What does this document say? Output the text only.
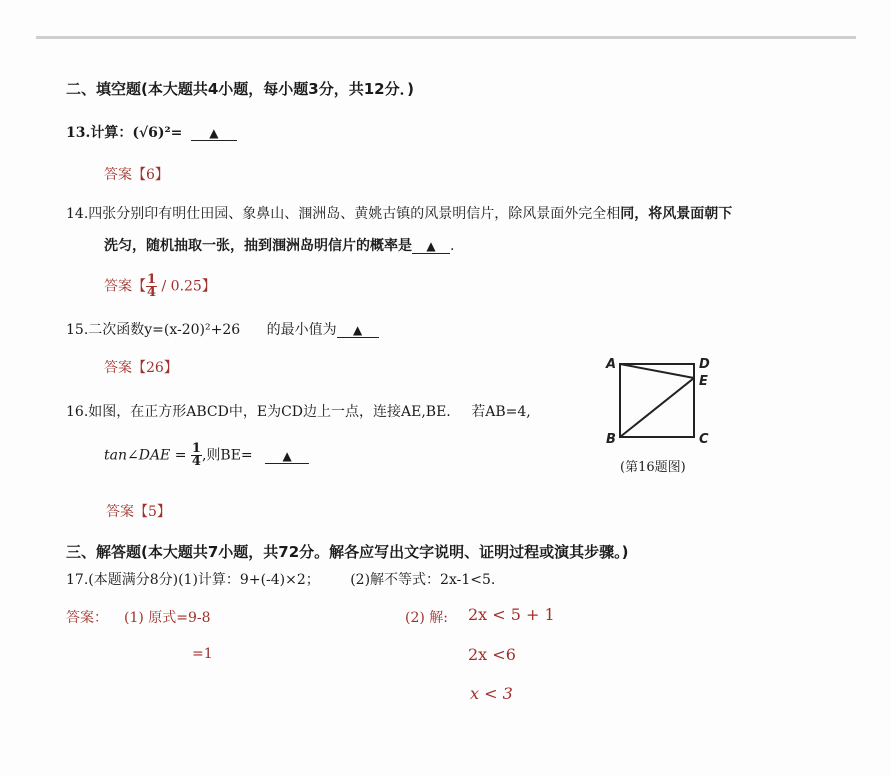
二、填空题(本大题共4小题，每小题3分，共12分．)
13.计算：(√6)²= ▲
答案【6】
14.四张分别印有明仕田园、象鼻山、涠洲岛、黄姚古镇的风景明信片，除风景面外完全相同，将风景面朝下
洗匀，随机抽取一张，抽到涠洲岛明信片的概率是 ▲ .
答案【 $\frac{1}{4} / 0.25$】
15.二次函数y=(x-20)²+26 的最小值为 ▲
答案【26】
16.如图，在正方形ABCD中，E为CD边上一点，连接AE,BE. 若AB=4,
tan∠DAE = $\frac{1}{4}$ ,则BE= ▲
答案【5】
A	D
E
B	C
(第16题图)
三、解答题(本大题共7小题，共72分。解各应写出文字说明、证明过程或演其步骤。)
17.(本题满分8分)(1)计算：9+(-4)×2； (2)解不等式：2x-1<5.
答案： (1) 原式=9-8
=1
(2) 解: 2x < 5 + 1
2x <6
x < 3
